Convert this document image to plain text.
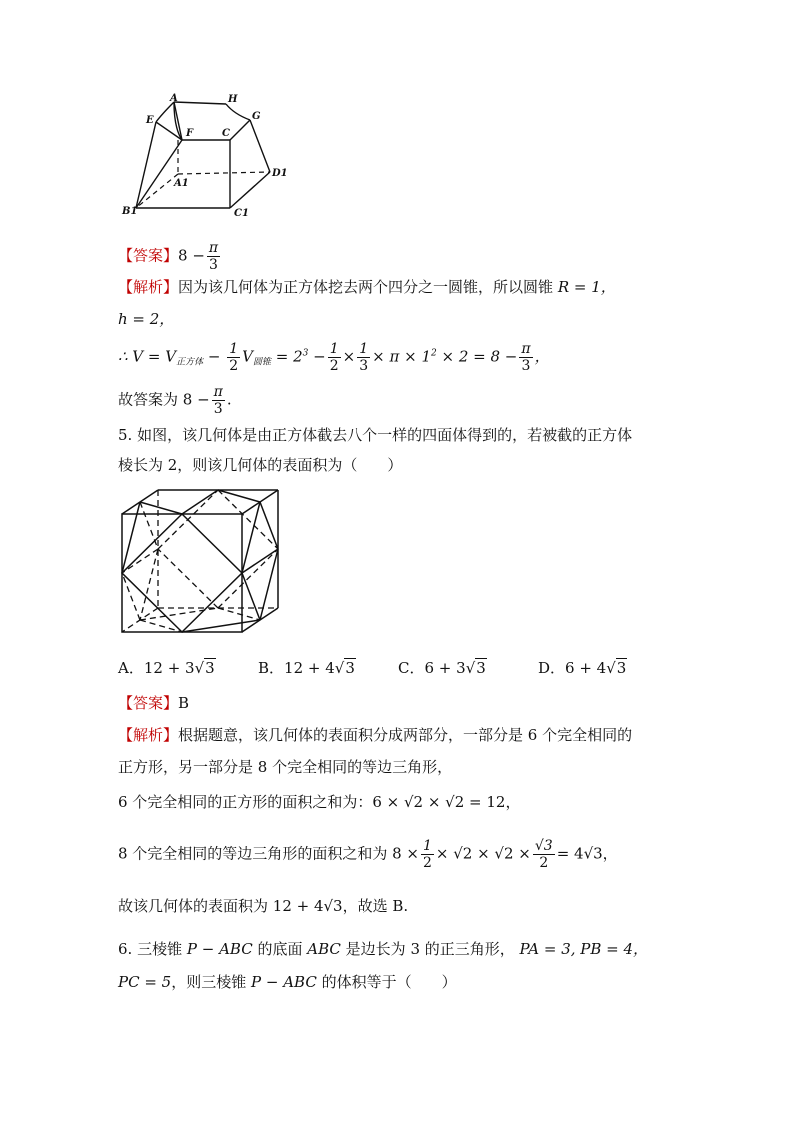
A	H
E	G
F	C
D1
A1
B1	C1
【答案】$8 - \frac{\pi}{3}$
【解析】因为该几何体为正方体挖去两个四分之一圆锥，所以圆锥 R = 1，
h = 2，
∴ $V = V_{正方体} - \frac{1}{2} V_{圆锥} = 2^3 - \frac{1}{2} \times \frac{1}{3} \times \pi \times 1^2 \times 2 = 8 - \frac{\pi}{3}$ ，
故答案为 $8 - \frac{\pi}{3}$ .
5. 如图，该几何体是由正方体截去八个一样的四面体得到的，若被截的正方体
棱长为 2，则该几何体的表面积为（　　）
A．12 + 3√3	B．12 + 4√3	C．6 + 3√3	D．6 + 4√3
【答案】B
【解析】根据题意，该几何体的表面积分成两部分，一部分是 6 个完全相同的
正方形，另一部分是 8 个完全相同的等边三角形，
6 个完全相同的正方形的面积之和为：6 × √2 × √2 = 12，
8 个完全相同的等边三角形的面积之和为 $8 \times \frac{1}{2} \times √2 \times √2 \times \frac{√3}{2} = 4√3$，
故该几何体的表面积为 12 + 4√3，故选 B.
6. 三棱锥 P − ABC 的底面 ABC 是边长为 3 的正三角形， PA = 3, PB = 4，
PC = 5，则三棱锥 P − ABC 的体积等于（　　）
